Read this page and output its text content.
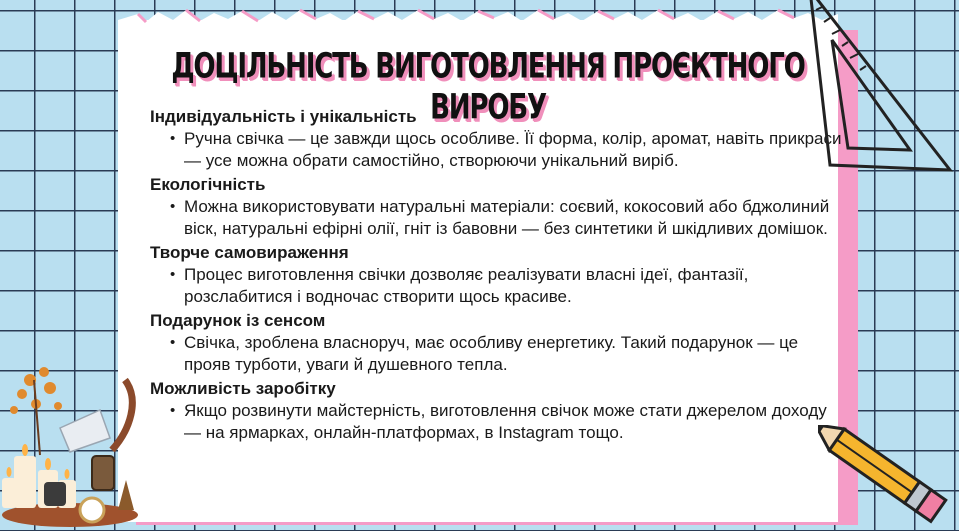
ДОЦІЛЬНІСТЬ ВИГОТОВЛЕННЯ ПРОЄКТНОГО ВИРОБУ

Індивідуальність і унікальність

• Ручна свічка — це завжди щось особливе. Її форма, колір, аромат, навіть прикраси — усе можна обрати самостійно, створюючи унікальний виріб.

Екологічність

• Можна використовувати натуральні матеріали: соєвий, кокосовий або бджолиний віск, натуральні ефірні олії, гніт із бавовни — без синтетики й шкідливих домішок.

Творче самовираження

• Процес виготовлення свічки дозволяє реалізувати власні ідеї, фантазії, розслабитися і водночас створити щось красиве.

Подарунок із сенсом

• Свічка, зроблена власноруч, має особливу енергетику. Такий подарунок — це прояв турботи, уваги й душевного тепла.

Можливість заробітку

• Якщо розвинути майстерність, виготовлення свічок може стати джерелом доходу — на ярмарках, онлайн-платформах, в Instagram тощо.
